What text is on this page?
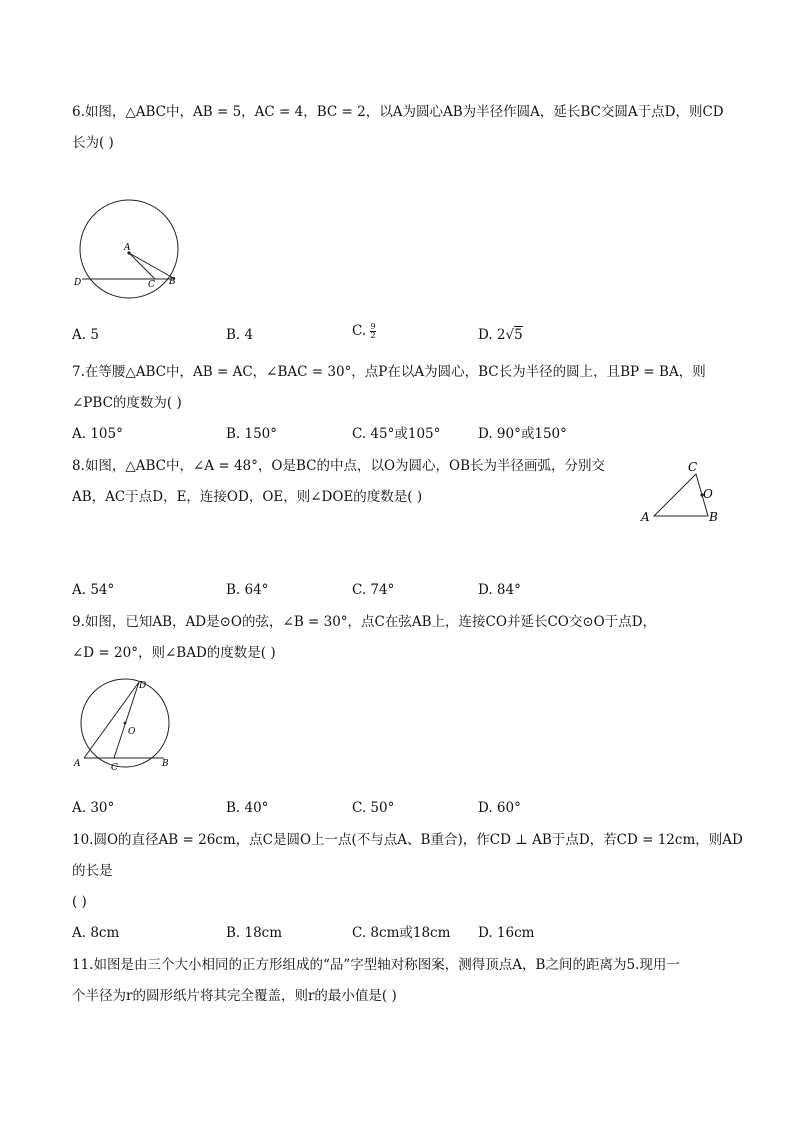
6.如图，△ABC中，AB = 5，AC = 4，BC = 2，以A为圆心AB为半径作圆A，延长BC交圆A于点D，则CD
长为( )
A
D	C B
A. 5	B. 4	C. $\frac{9}{2}$	D. 2√5
7.在等腰△ABC中，AB = AC，∠BAC = 30°，点P在以A为圆心，BC长为半径的圆上，且BP = BA，则
∠PBC的度数为( )
A. 105°	B. 150°	C. 45°或105°	D. 90°或150°
8.如图，△ABC中，∠A = 48°，O是BC的中点，以O为圆心，OB长为半径画弧，分别交
AB，AC于点D，E，连接OD，OE，则∠DOE的度数是( )
C
O
A	B
A. 54°	B. 64°	C. 74°	D. 84°
9.如图，已知AB，AD是⊙O的弦，∠B = 30°，点C在弦AB上，连接CO并延长CO交⊙O于点D，
∠D = 20°，则∠BAD的度数是( )
D
O
A	C	B
A. 30°	B. 40°	C. 50°	D. 60°
10.圆O的直径AB = 26cm，点C是圆O上一点(不与点A、B重合)，作CD ⊥ AB于点D，若CD = 12cm，则AD
的长是
( )
A. 8cm	B. 18cm	C. 8cm或18cm D. 16cm
11.如图是由三个大小相同的正方形组成的“品”字型轴对称图案，测得顶点A，B之间的距离为5.现用一
个半径为r的圆形纸片将其完全覆盖，则r的最小值是( )
